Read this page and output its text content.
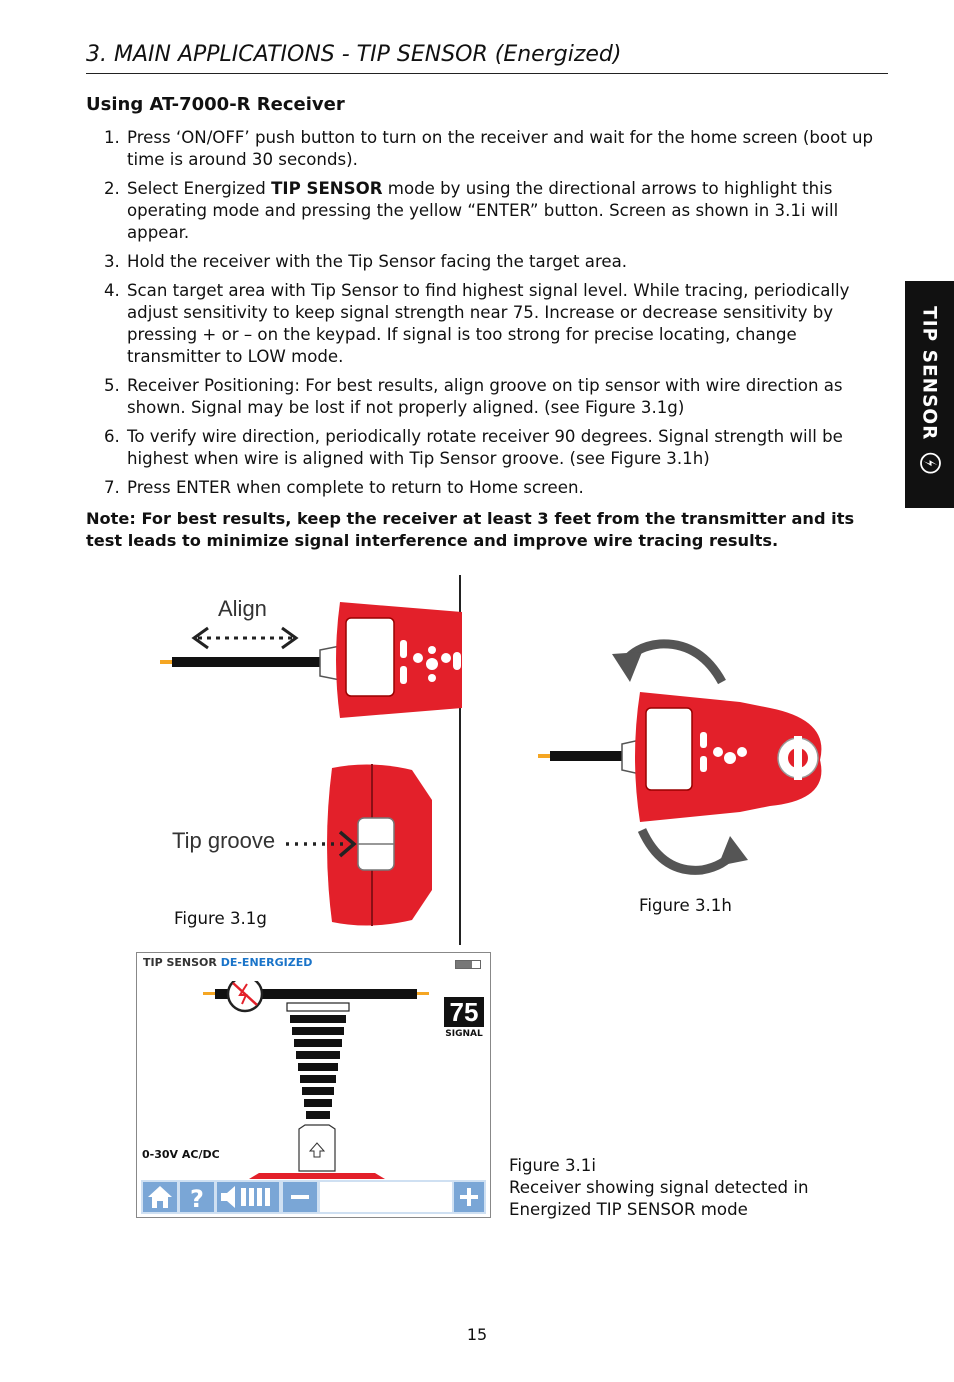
3. MAIN APPLICATIONS - TIP SENSOR (Energized)
TIP SENSOR
Using AT-7000-R Receiver
1. Press ‘ON/OFF’ push button to turn on the receiver and wait for the home screen (boot up time is around 30 seconds).
2. Select Energized TIP SENSOR mode by using the directional arrows to highlight this operating mode and pressing the yellow “ENTER” button. Screen as shown in 3.1i will appear.
3. Hold the receiver with the Tip Sensor facing the target area.
4. Scan target area with Tip Sensor to find highest signal level. While tracing, periodically adjust sensitivity to keep signal strength near 75. Increase or decrease sensitivity by pressing + or – on the keypad. If signal is too strong for precise locating, change transmitter to LOW mode.
5. Receiver Positioning: For best results, align groove on tip sensor with wire direction as shown. Signal may be lost if not properly aligned. (see Figure 3.1g)
6. To verify wire direction, periodically rotate receiver 90 degrees. Signal strength will be highest when wire is aligned with Tip Sensor groove. (see Figure 3.1h)
7. Press ENTER when complete to return to Home screen.
Note: For best results, keep the receiver at least 3 feet from the transmitter and its test leads to minimize signal interference and improve wire tracing results.
Align
Tip groove
Figure 3.1g
Figure 3.1h
TIP SENSOR DE-ENERGIZED
75
SIGNAL
0-30V AC/DC
?
Figure 3.1i
Receiver showing signal detected in
Energized TIP SENSOR mode
15
